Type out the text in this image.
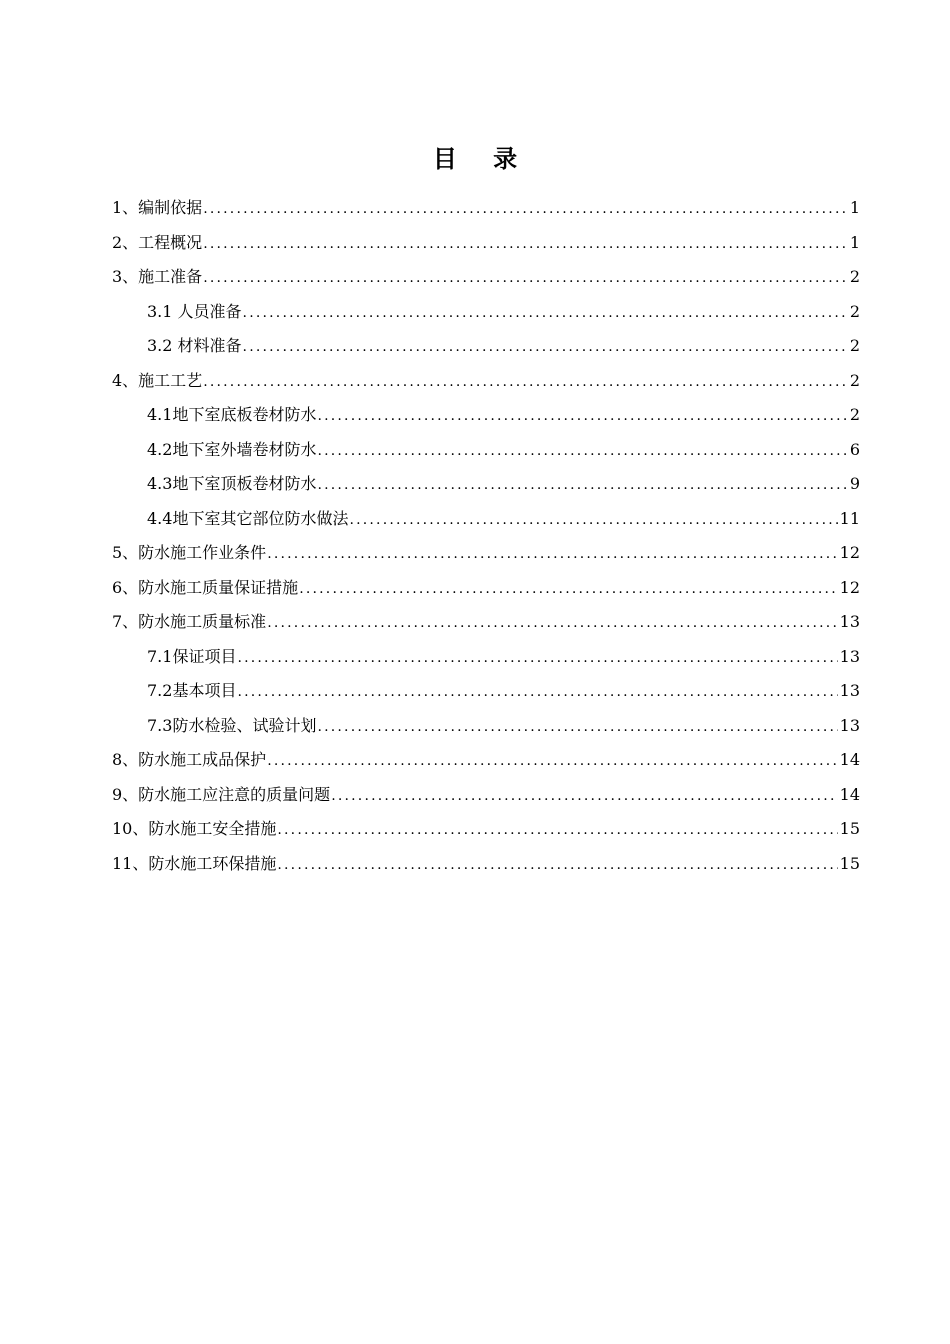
目 录
1、编制依据 .....	1
2、工程概况 .....	1
3、施工准备 .....	2
3.1 人员准备 .....	2
3.2 材料准备 .....	2
4、施工工艺 .....	2
4.1地下室底板卷材防水 .....	2
4.2地下室外墙卷材防水 .....	6
4.3地下室顶板卷材防水 .....	9
4.4地下室其它部位防水做法 .....	11
5、防水施工作业条件 .....	12
6、防水施工质量保证措施 .....	12
7、防水施工质量标准 .....	13
7.1保证项目 .....	13
7.2基本项目 .....	13
7.3防水检验、试验计划 .....	13
8、防水施工成品保护 .....	14
9、防水施工应注意的质量问题 .....	14
10、防水施工安全措施 .....	15
11、防水施工环保措施 .....	15
